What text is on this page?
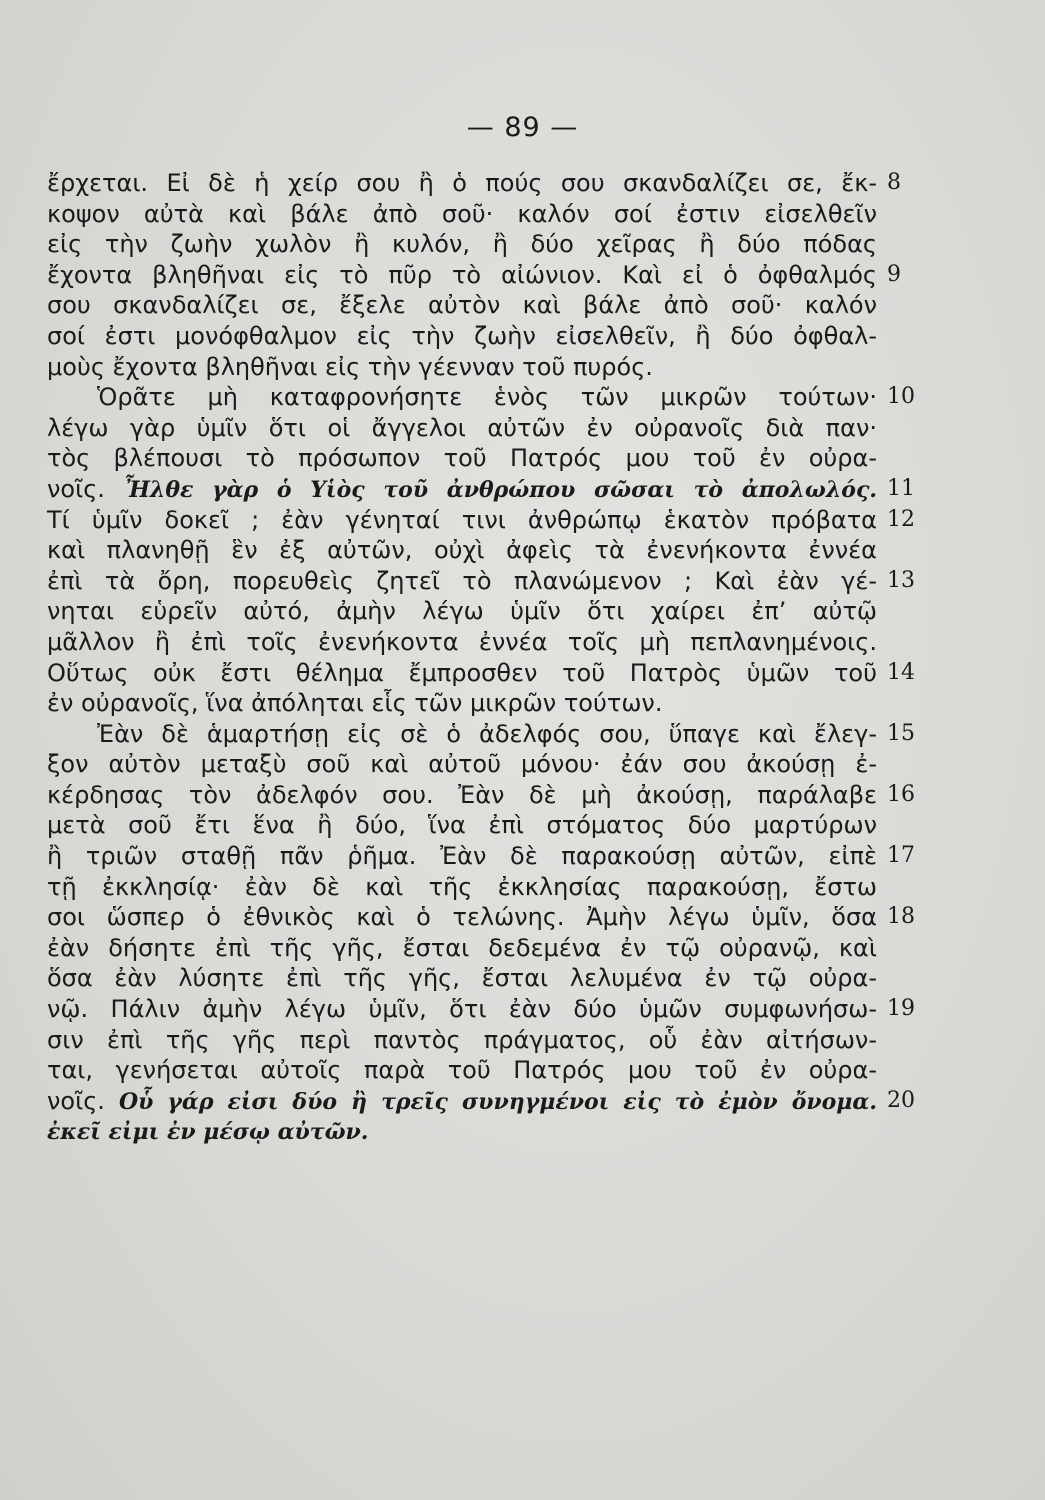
— 89 —
ἔρχεται. Εἰ δὲ ἡ χείρ σου ἢ ὁ πούς σου σκανδαλίζει σε, ἔκ-
κοψον αὐτὰ καὶ βάλε ἀπὸ σοῦ· καλόν σοί ἐστιν εἰσελθεῖν
εἰς τὴν ζωὴν χωλὸν ἢ κυλόν, ἢ δύο χεῖρας ἢ δύο πόδας
ἔχοντα βληθῆναι εἰς τὸ πῦρ τὸ αἰώνιον. Καὶ εἰ ὁ ὀφθαλμός
σου σκανδαλίζει σε, ἔξελε αὐτὸν καὶ βάλε ἀπὸ σοῦ· καλόν
σοί ἐστι μονόφθαλμον εἰς τὴν ζωὴν εἰσελθεῖν, ἢ δύο ὀφθαλ-
μοὺς ἔχοντα βληθῆναι εἰς τὴν γέενναν τοῦ πυρός.
Ὁρᾶτε μὴ καταφρονήσητε ἑνὸς τῶν μικρῶν τούτων·
λέγω γὰρ ὑμῖν ὅτι οἱ ἄγγελοι αὐτῶν ἐν οὐρανοῖς διὰ παν·
τὸς βλέπουσι τὸ πρόσωπον τοῦ Πατρός μου τοῦ ἐν οὐρα-
νοῖς. Ἦλθε γὰρ ὁ Υἱὸς τοῦ ἀνθρώπου σῶσαι τὸ ἀπολωλός.
Τί ὑμῖν δοκεῖ ; ἐὰν γένηταί τινι ἀνθρώπῳ ἑκατὸν πρόβατα
καὶ πλανηθῇ ἓν ἐξ αὐτῶν, οὐχὶ ἀφεὶς τὰ ἐνενήκοντα ἐννέα
ἐπὶ τὰ ὄρη, πορευθεὶς ζητεῖ τὸ πλανώμενον ; Καὶ ἐὰν γέ-
νηται εὑρεῖν αὐτό, ἀμὴν λέγω ὑμῖν ὅτι χαίρει ἐπ’ αὐτῷ
μᾶλλον ἢ ἐπὶ τοῖς ἐνενήκοντα ἐννέα τοῖς μὴ πεπλανημένοις.
Οὕτως οὐκ ἔστι θέλημα ἔμπροσθεν τοῦ Πατρὸς ὑμῶν τοῦ
ἐν οὐρανοῖς, ἵνα ἀπόληται εἷς τῶν μικρῶν τούτων.
Ἐὰν δὲ ἁμαρτήσῃ εἰς σὲ ὁ ἀδελφός σου, ὕπαγε καὶ ἔλεγ-
ξον αὐτὸν μεταξὺ σοῦ καὶ αὐτοῦ μόνου· ἐάν σου ἀκούσῃ ἐ-
κέρδησας τὸν ἀδελφόν σου. Ἐὰν δὲ μὴ ἀκούσῃ, παράλαβε
μετὰ σοῦ ἔτι ἕνα ἢ δύο, ἵνα ἐπὶ στόματος δύο μαρτύρων
ἢ τριῶν σταθῇ πᾶν ῥῆμα. Ἐὰν δὲ παρακούσῃ αὐτῶν, εἰπὲ
τῇ ἐκκλησίᾳ· ἐὰν δὲ καὶ τῆς ἐκκλησίας παρακούσῃ, ἔστω
σοι ὥσπερ ὁ ἐθνικὸς καὶ ὁ τελώνης. Ἀμὴν λέγω ὑμῖν, ὅσα
ἐὰν δήσητε ἐπὶ τῆς γῆς, ἔσται δεδεμένα ἐν τῷ οὐρανῷ, καὶ
ὅσα ἐὰν λύσητε ἐπὶ τῆς γῆς, ἔσται λελυμένα ἐν τῷ οὐρα-
νῷ. Πάλιν ἀμὴν λέγω ὑμῖν, ὅτι ἐὰν δύο ὑμῶν συμφωνήσω-
σιν ἐπὶ τῆς γῆς περὶ παντὸς πράγματος, οὗ ἐὰν αἰτήσων-
ται, γενήσεται αὐτοῖς παρὰ τοῦ Πατρός μου τοῦ ἐν οὐρα-
νοῖς. Οὗ γάρ εἰσι δύο ἢ τρεῖς συνηγμένοι εἰς τὸ ἐμὸν ὄνομα.
ἐκεῖ εἰμι ἐν μέσῳ αὐτῶν.
8
9
10
11
12
13
14
15
16
17
18
19
20
